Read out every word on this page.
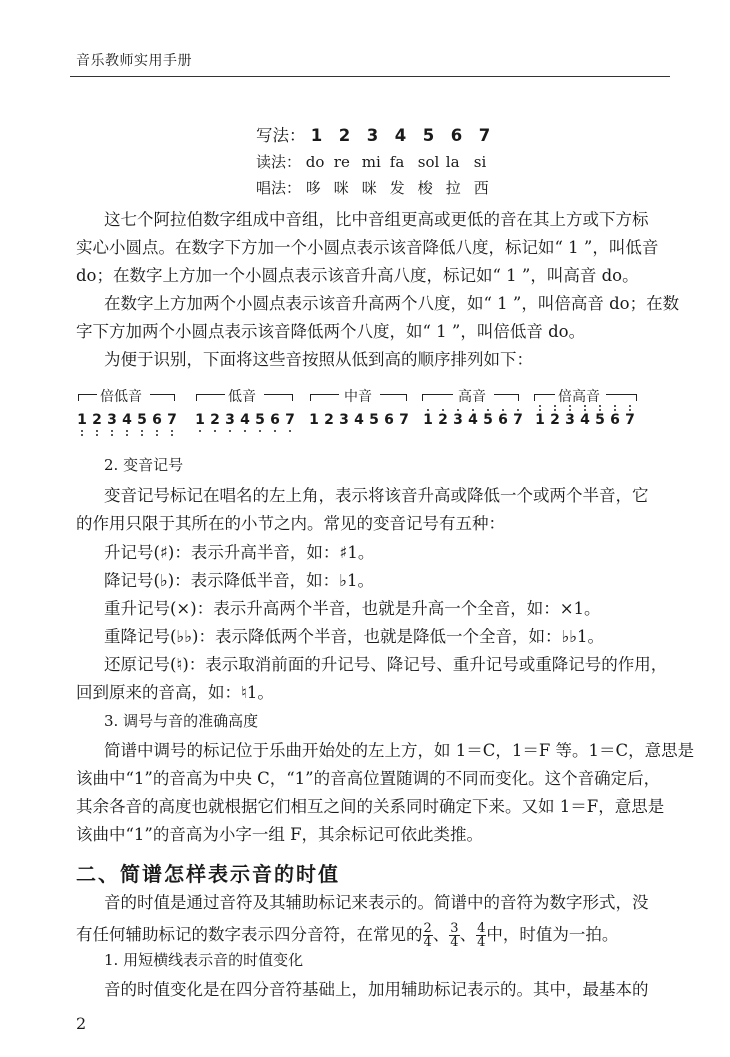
音乐教师实用手册
写法： 1 2 3 4 5 6 7
读法： do re mi fa sol la si
唱法： 哆 咪 咪 发 梭 拉 西
这七个阿拉伯数字组成中音组，比中音组更高或更低的音在其上方或下方标
实心小圆点。在数字下方加一个小圆点表示该音降低八度，标记如“ 1 ”，叫低音
do；在数字上方加一个小圆点表示该音升高八度，标记如“ 1 ”，叫高音 do。
在数字上方加两个小圆点表示该音升高两个八度，如“ 1 ”，叫倍高音 do；在数
字下方加两个小圆点表示该音降低两个八度，如“ 1 ”，叫倍低音 do。
为便于识别，下面将这些音按照从低到高的顺序排列如下：
倍低音	低音	中音	高音	倍高音
1 2 3 4 5 6 7 1 2 3 4 5 6 7 1 2 3 4 5 6 7 1 2 3 4 5 6 7 1 2 3 4 5 6 7
2. 变音记号
变音记号标记在唱名的左上角，表示将该音升高或降低一个或两个半音，它
的作用只限于其所在的小节之内。常见的变音记号有五种：
升记号(♯)：表示升高半音，如：♯1。
降记号(♭)：表示降低半音，如：♭1。
重升记号(×)：表示升高两个半音，也就是升高一个全音，如：×1。
重降记号(♭♭)：表示降低两个半音，也就是降低一个全音，如：♭♭1。
还原记号(♮)：表示取消前面的升记号、降记号、重升记号或重降记号的作用，
回到原来的音高，如：♮1。
3. 调号与音的准确高度
简谱中调号的标记位于乐曲开始处的左上方，如 1＝C，1＝F 等。1＝C，意思是
该曲中“1”的音高为中央 C，“1”的音高位置随调的不同而变化。这个音确定后，
其余各音的高度也就根据它们相互之间的关系同时确定下来。又如 1＝F，意思是
该曲中“1”的音高为小字一组 F，其余标记可依此类推。
二、简谱怎样表示音的时值
音的时值是通过音符及其辅助标记来表示的。简谱中的音符为数字形式，没
有任何辅助标记的数字表示四分音符，在常见的 $\frac{2}{4}$ 、 $\frac{3}{4}$ 、 $\frac{4}{4}$ 中，时值为一拍。
1. 用短横线表示音的时值变化
音的时值变化是在四分音符基础上，加用辅助标记表示的。其中，最基本的
2
